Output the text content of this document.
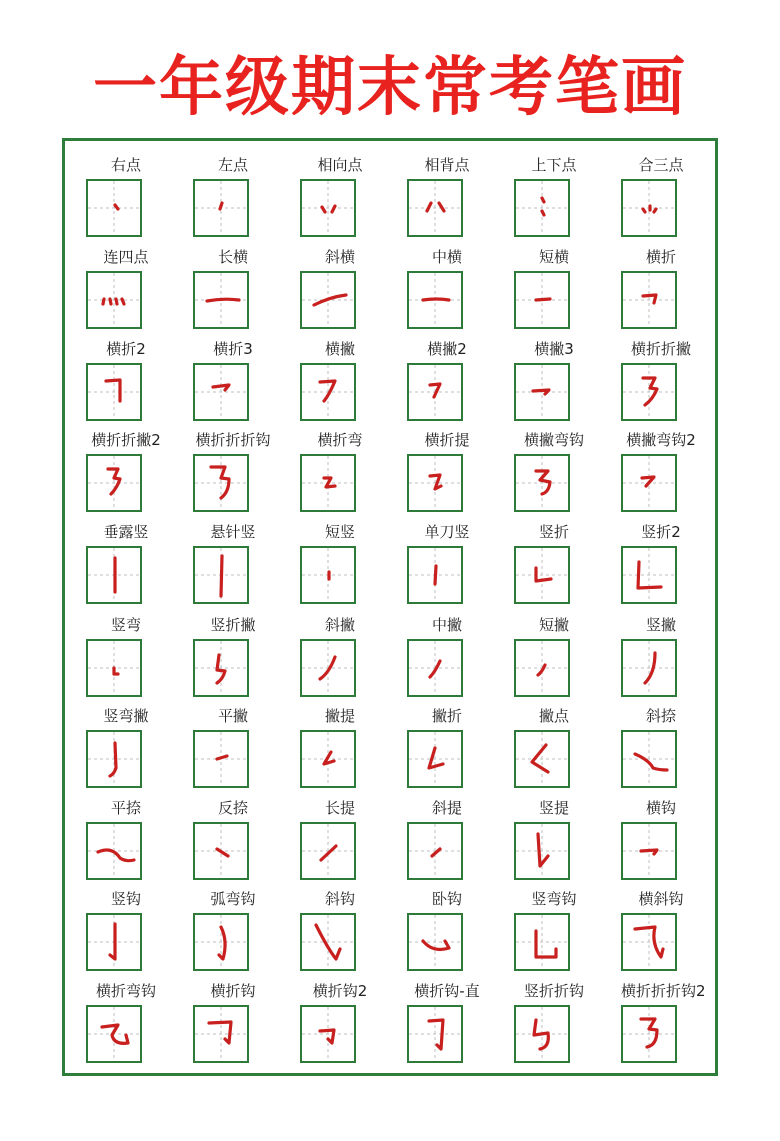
一年级期末常考笔画
右点	左点	相向点	相背点	上下点	合三点
连四点	长横	斜横	中横	短横	横折
横折2	横折3	横撇	横撇2	横撇3	横折折撇
横折折撇2	横折折折钩	横折弯	横折提	横撇弯钩	横撇弯钩2
垂露竖	悬针竖	短竖	单刀竖	竖折	竖折2
竖弯	竖折撇	斜撇	中撇	短撇	竖撇
竖弯撇	平撇	撇提	撇折	撇点	斜捺
平捺	反捺	长提	斜提	竖提	横钩
竖钩	弧弯钩	斜钩	卧钩	竖弯钩	横斜钩
横折弯钩	横折钩	横折钩2	横折钩-直	竖折折钩	横折折折钩2
